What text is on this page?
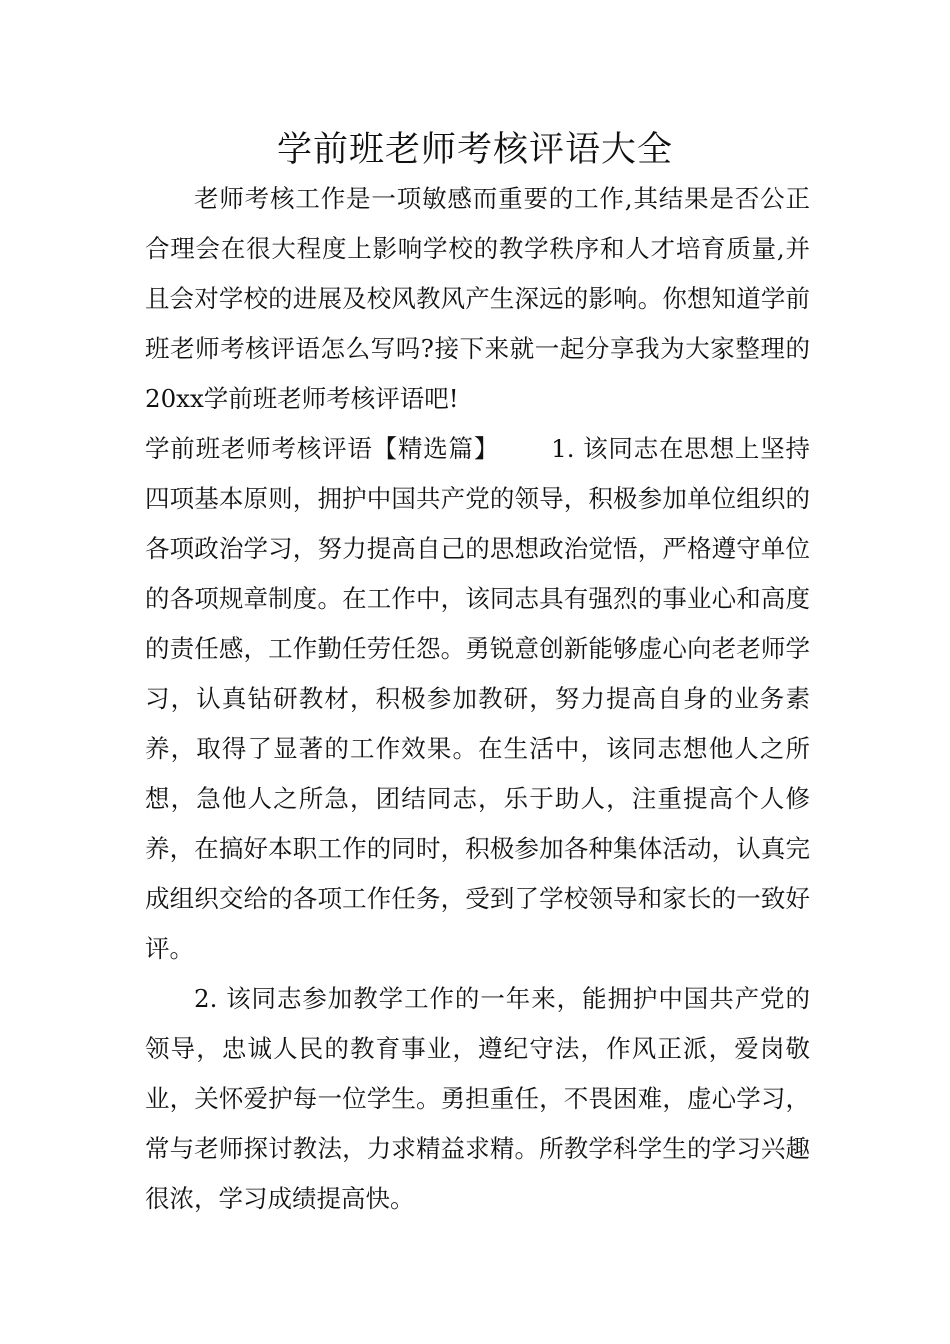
学前班老师考核评语大全

老师考核工作是一项敏感而重要的工作,其结果是否公正合理会在很大程度上影响学校的教学秩序和人才培育质量,并且会对学校的进展及校风教风产生深远的影响。你想知道学前班老师考核评语怎么写吗?接下来就一起分享我为大家整理的20xx学前班老师考核评语吧!

学前班老师考核评语【精选篇】 1. 该同志在思想上坚持四项基本原则，拥护中国共产党的领导，积极参加单位组织的各项政治学习，努力提高自己的思想政治觉悟，严格遵守单位的各项规章制度。在工作中，该同志具有强烈的事业心和高度的责任感，工作勤任劳任怨。勇锐意创新能够虚心向老老师学习，认真钻研教材，积极参加教研，努力提高自身的业务素养，取得了显著的工作效果。在生活中，该同志想他人之所想，急他人之所急，团结同志，乐于助人，注重提高个人修养，在搞好本职工作的同时，积极参加各种集体活动，认真完成组织交给的各项工作任务，受到了学校领导和家长的一致好评。

2. 该同志参加教学工作的一年来，能拥护中国共产党的领导，忠诚人民的教育事业，遵纪守法，作风正派，爱岗敬业，关怀爱护每一位学生。勇担重任，不畏困难，虚心学习，常与老师探讨教法，力求精益求精。所教学科学生的学习兴趣很浓，学习成绩提高快。
